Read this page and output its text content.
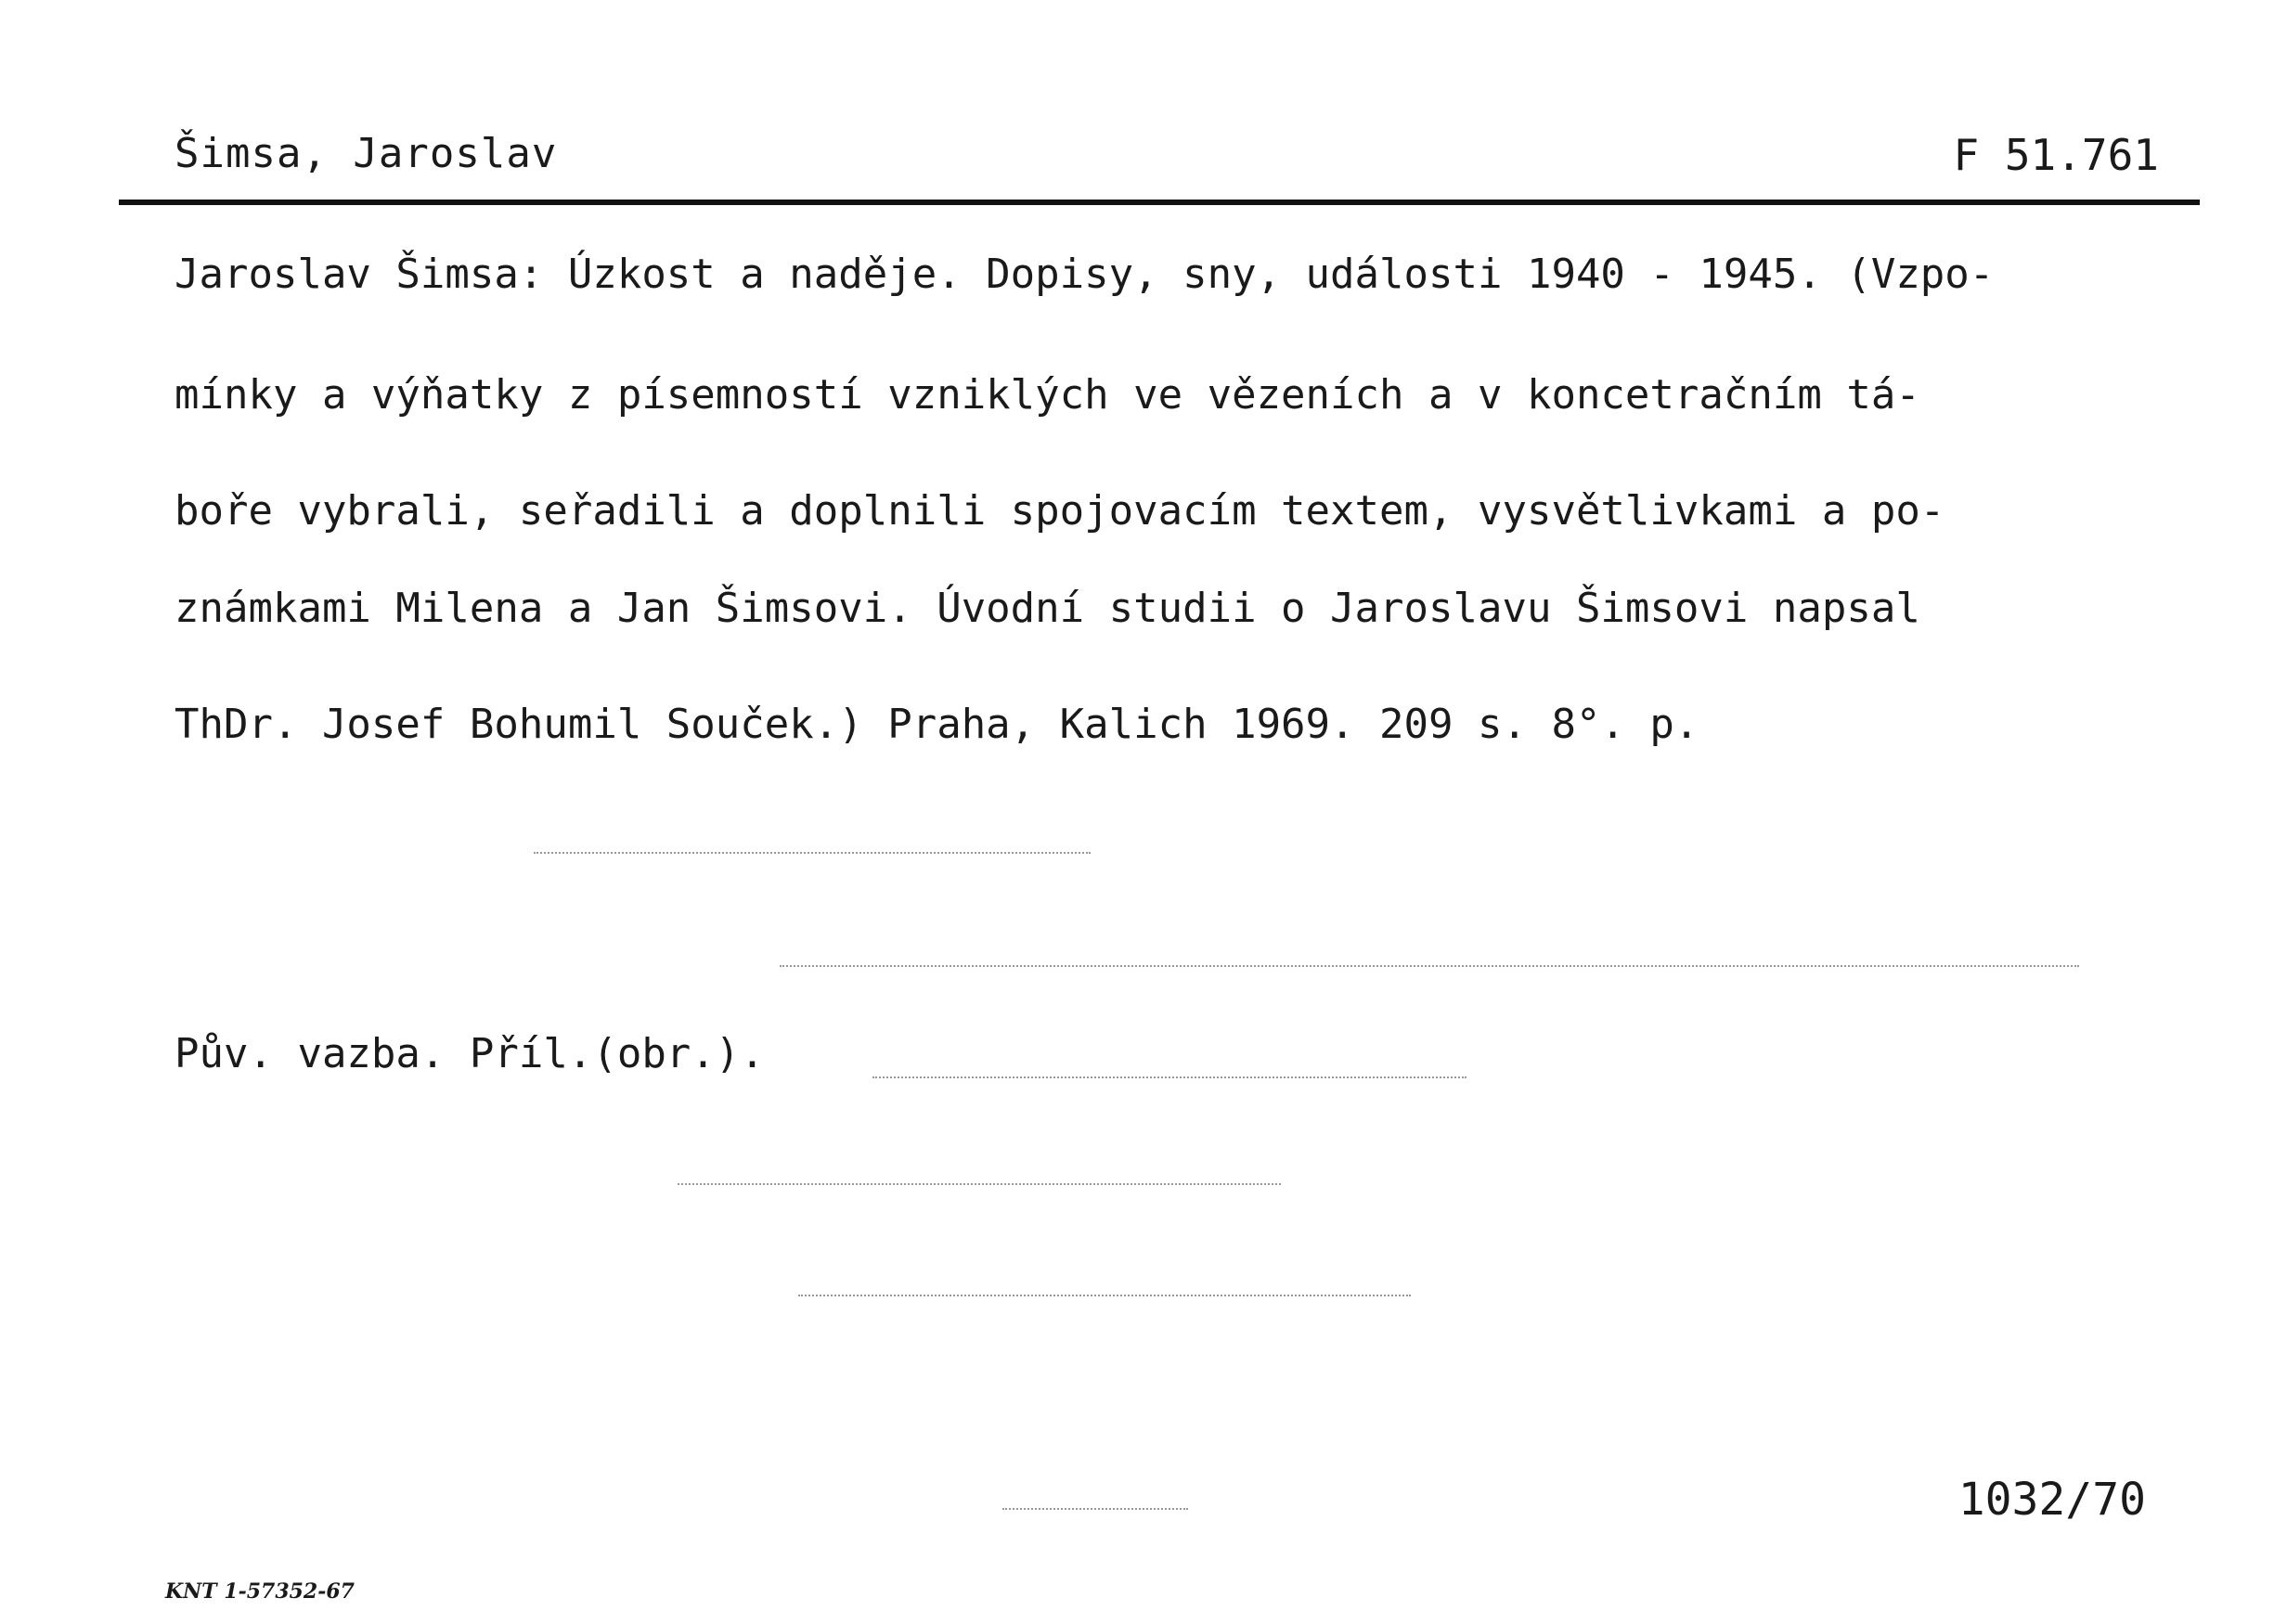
Šimsa, Jaroslav	F 51.761
Jaroslav Šimsa: Úzkost a naděje. Dopisy, sny, události 1940 - 1945. (Vzpo-
mínky a výňatky z písemností vzniklých ve vězeních a v koncetračním tá-
boře vybrali, seřadili a doplnili spojovacím textem, vysvětlivkami a po-
známkami Milena a Jan Šimsovi. Úvodní studii o Jaroslavu Šimsovi napsal
ThDr. Josef Bohumil Souček.) Praha, Kalich 1969. 209 s. 8°. p.
Pův. vazba. Příl.(obr.).
1032/70
KNT 1-57352-67
